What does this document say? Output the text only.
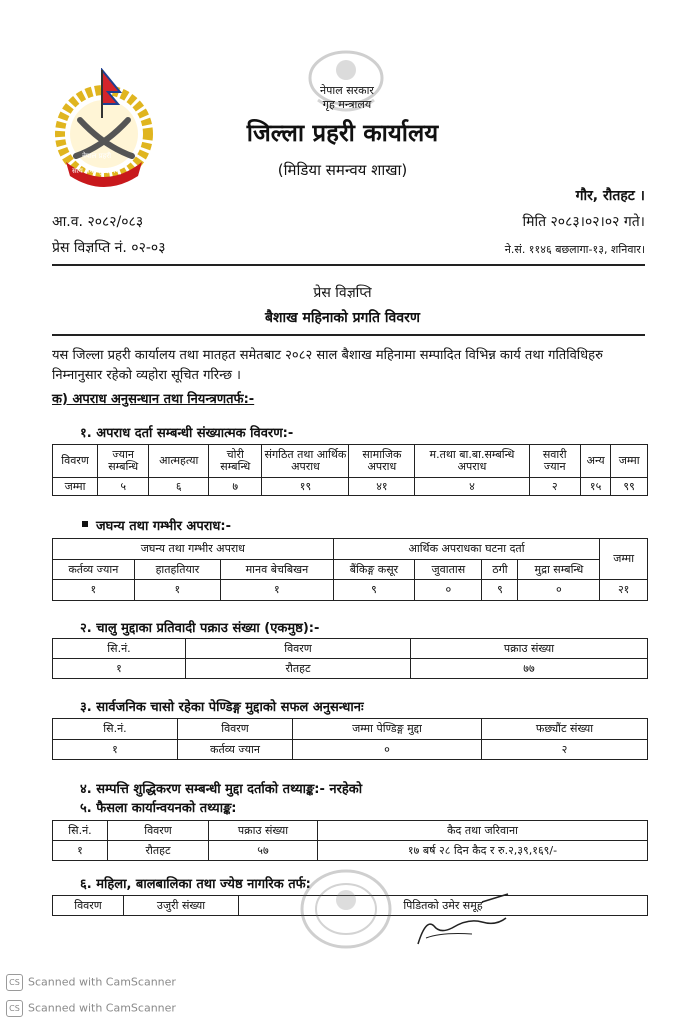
नेपाल प्रहरी
सत्य सेवा सुरक्षणम्
नेपाल सरकार
गृह मन्त्रालय
जिल्ला प्रहरी कार्यालय
(मिडिया समन्वय शाखा)
गौर, रौतहट ।
आ.व. २०८२/०८३	मिति २०८३।०२।०२ गते।
प्रेस विज्ञप्ति नं. ०२-०३	ने.सं. ११४६ बछलागा-१३, शनिवार।
प्रेस विज्ञप्ति
बैशाख महिनाको प्रगति विवरण
यस जिल्ला प्रहरी कार्यालय तथा मातहत समेतबाट २०८२ साल बैशाख महिनामा सम्पादित विभिन्न कार्य तथा गतिविधिहरु निम्नानुसार रहेको व्यहोरा सूचित गरिन्छ ।
क) अपराध अनुसन्धान तथा नियन्त्रणतर्फ:-
१. अपराध दर्ता सम्बन्धी संख्यात्मक विवरण:-
विवरण	ज्यान सम्बन्धि	आत्महत्या	चोरी सम्बन्धि	संगठित तथा आर्थिक अपराध	सामाजिक अपराध	म.तथा बा.बा.सम्बन्धि अपराध	सवारी ज्यान	अन्य	जम्मा
जम्मा	५	६	७	१९	४१	४	२	१५	९९
जघन्य तथा गम्भीर अपराध:-
जघन्य तथा गम्भीर अपराध			आर्थिक अपराधका घटना दर्ता				जम्मा
कर्तव्य ज्यान	हातहतियार	मानव बेचबिखन	बैंकिङ्ग कसूर	जुवातास	ठगी	मुद्रा सम्बन्धि	
१	१	१	९	०	९	०	२१
२. चालु मुद्दाका प्रतिवादी पक्राउ संख्या (एकमुष्ठ):-
सि.नं.	विवरण	पक्राउ संख्या
१	रौतहट	७७
३. सार्वजनिक चासो रहेका पेण्डिङ्ग मुद्दाको सफल अनुसन्धानः
सि.नं.	विवरण	जम्मा पेण्डिङ्ग मुद्दा	फछ्यौंट संख्या
१	कर्तव्य ज्यान	०	२
४. सम्पत्ति शुद्धिकरण सम्बन्धी मुद्दा दर्ताको तथ्याङ्क:- नरहेको
५. फैसला कार्यान्वयनको तथ्याङ्क:
सि.नं.	विवरण	पक्राउ संख्या	कैद तथा जरिवाना
१	रौतहट	५७	१७ बर्ष २८ दिन कैद र रु.२,३९,१६९/-
६. महिला, बालबालिका तथा ज्येष्ठ नागरिक तर्फ:
विवरण	उजुरी संख्या	पिडितको उमेर समूह
CS Scanned with CamScanner
CS Scanned with CamScanner
